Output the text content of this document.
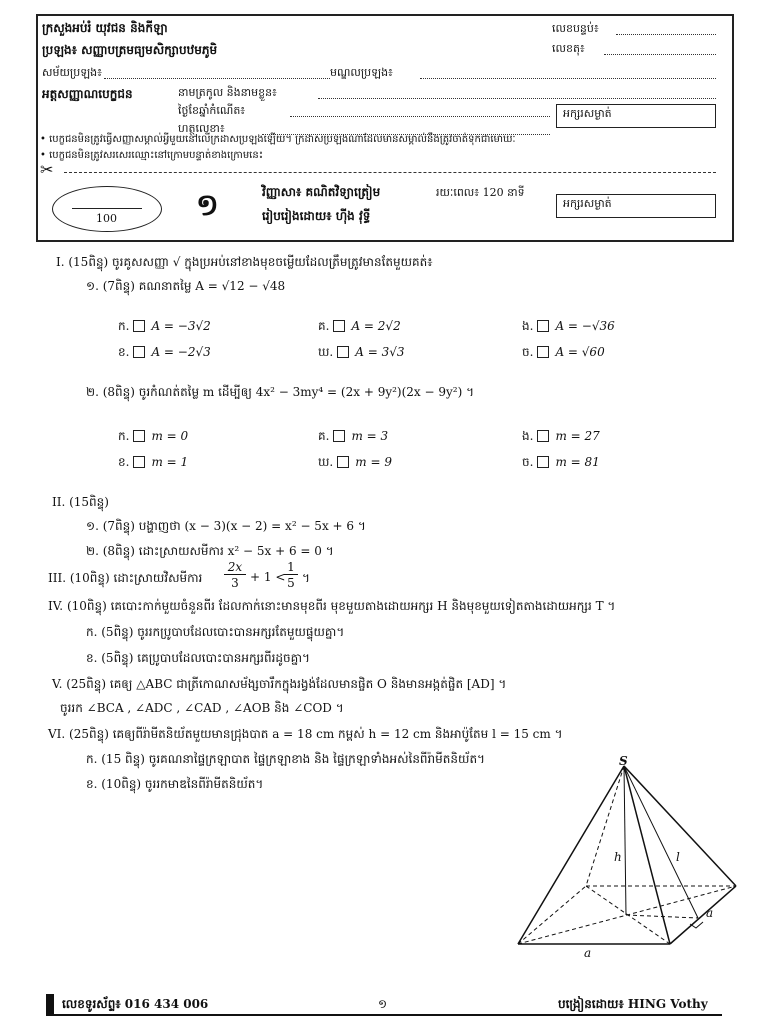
ក្រសួងអប់រំ យុវជន និងកីឡា
ប្រឡង៖ សញ្ញាបត្រមធ្យមសិក្សាបឋមភូមិ
សម័យប្រឡង៖	មណ្ឌលប្រឡង៖
អត្តសញ្ញាណបេក្ខជន	នាមត្រកូល និងនាមខ្លួន៖
ថ្ងៃខែឆ្នាំកំណើត៖
ហត្ថលេខា៖
លេខបន្ទប់៖
លេខតុ៖
អក្សរសម្ងាត់
• បេក្ខជនមិនត្រូវធ្វើសញ្ញាសម្គាល់អ្វីមួយនៅលើក្រដាសប្រឡងឡើយ។ ក្រដាសប្រឡងណាដែលមានសម្គាល់នឹងត្រូវចាត់ទុកជាមោឃៈ
• បេក្ខជនមិនត្រូវសរសេរឈ្មោះនៅក្រោមបន្ទាត់ខាងក្រោមនេះ
✂
100	១	វិញ្ញាសា៖ គណិតវិទ្យាត្រៀម	រយៈពេល៖ 120 នាទី
រៀបរៀងដោយ៖ ហ៊ីង វុទ្ធី
អក្សរសម្ងាត់
I. (15ពិន្ទុ) ចូរគូសសញ្ញា √ ក្នុងប្រអប់នៅខាងមុខចម្លើយដែលត្រឹមត្រូវមានតែមួយគត់៖
១. (7ពិន្ទុ) គណនាតម្លៃ A = √12 − √48
ក. A = −3√2	គ. A = 2√2	ង. A = −√36
ខ. A = −2√3	ឃ. A = 3√3	ច. A = √60
២. (8ពិន្ទុ) ចូរកំណត់តម្លៃ m ដើម្បីឲ្យ 4x² − 3my⁴ = (2x + 9y²)(2x − 9y²) ។
ក. m = 0	គ. m = 3	ង. m = 27
ខ. m = 1	ឃ. m = 9	ច. m = 81
II. (15ពិន្ទុ)
១. (7ពិន្ទុ) បង្ហាញថា (x − 3)(x − 2) = x² − 5x + 6 ។
២. (8ពិន្ទុ) ដោះស្រាយសមីការ x² − 5x + 6 = 0 ។
III. (10ពិន្ទុ) ដោះស្រាយវិសមីការ
2x
3 + 1 <
1
5 ។
IV. (10ពិន្ទុ) គេបោះកាក់មួយចំនួនពីរ ដែលកាក់នោះមានមុខពីរ មុខមួយតាងដោយអក្សរ H និងមុខមួយទៀតតាងដោយអក្សរ T ។
ក. (5ពិន្ទុ) ចូររកប្រូបាបដែលបោះបានអក្សរតែមួយផ្ទុយគ្នា។
ខ. (5ពិន្ទុ) គេប្រូបាបដែលបោះបានអក្សរពីរដូចគ្នា។
V. (25ពិន្ទុ) គេឲ្យ △ABC ជាត្រីកោណសម័ង្សចារឹកក្នុងរង្វង់ដែលមានផ្ចិត O និងមានអង្កត់ផ្ចិត [AD] ។
ចូររក ∠BCA , ∠ADC , ∠CAD , ∠AOB និង ∠COD ។
VI. (25ពិន្ទុ) គេឲ្យពីរ៉ាមីតនិយ័តមួយមានជ្រុងបាត a = 18 cm កម្ពស់ h = 12 cm និងអាប៉ូតែម l = 15 cm ។
ក. (15 ពិន្ទុ) ចូរគណនាផ្ទៃក្រឡាបាត ផ្ទៃក្រឡាខាង និង ផ្ទៃក្រឡាទាំងអស់នៃពីរ៉ាមីតនិយ័ត។
ខ. (10ពិន្ទុ) ចូររកមាឌនៃពីរ៉ាមីតនិយ័ត។
S
h	l
a
a
លេខទូរស័ព្ទ៖ 016 434 006	១	បង្រៀនដោយ៖ HING Vothy
